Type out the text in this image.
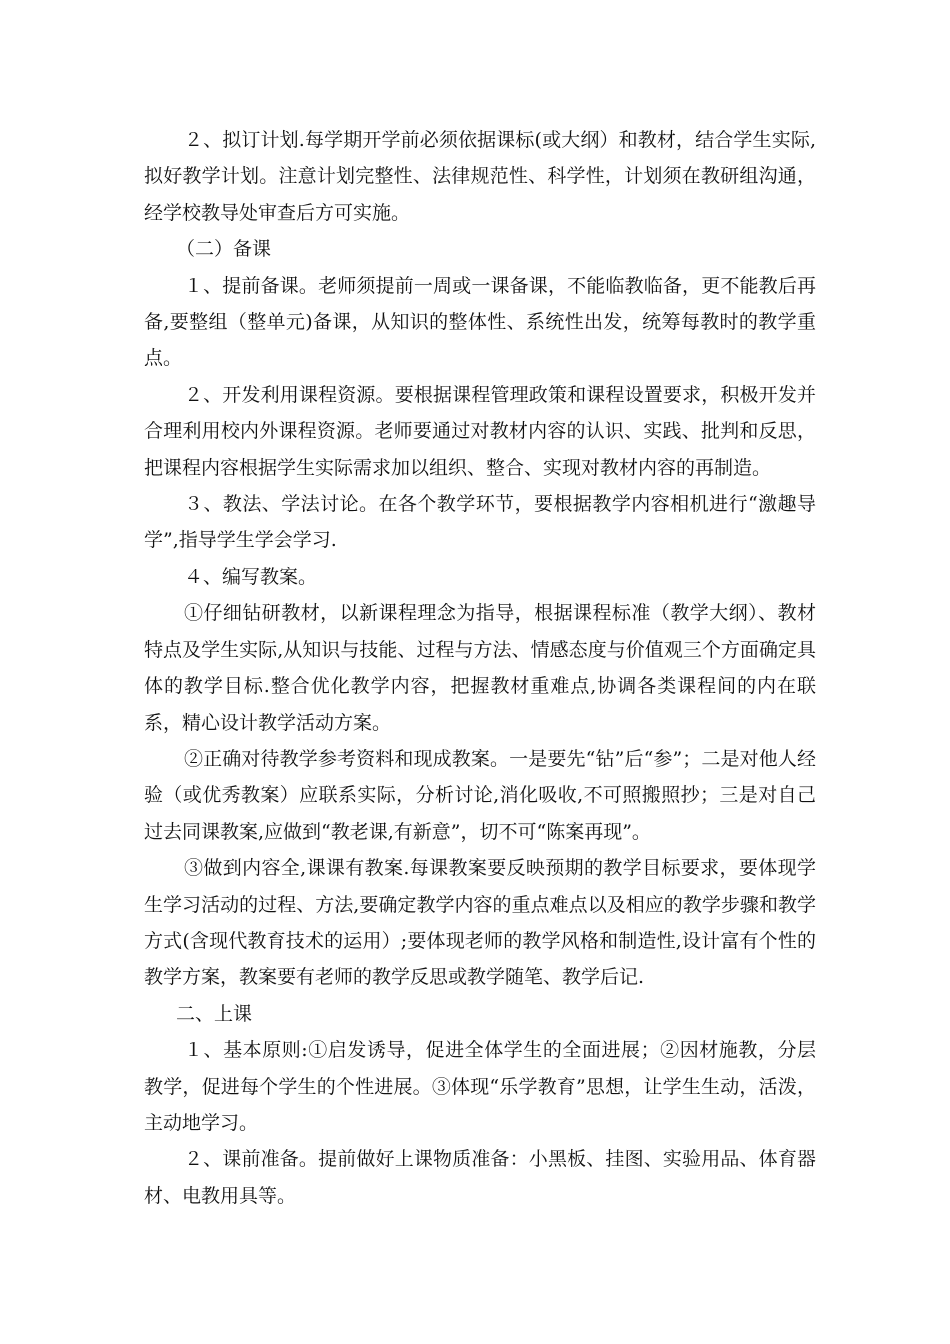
２、拟订计划.每学期开学前必须依据课标(或大纲）和教材，结合学生实际,拟好教学计划。注意计划完整性、法律规范性、科学性，计划须在教研组沟通，经学校教导处审查后方可实施。

（二）备课

１、提前备课。老师须提前一周或一课备课，不能临教临备，更不能教后再备,要整组（整单元)备课，从知识的整体性、系统性出发，统筹每教时的教学重点。

２、开发利用课程资源。要根据课程管理政策和课程设置要求，积极开发并合理利用校内外课程资源。老师要通过对教材内容的认识、实践、批判和反思，把课程内容根据学生实际需求加以组织、整合、实现对教材内容的再制造。

３、教法、学法讨论。在各个教学环节，要根据教学内容相机进行“激趣导学”,指导学生学会学习.

４、编写教案。

①仔细钻研教材，以新课程理念为指导，根据课程标准（教学大纲）、教材特点及学生实际,从知识与技能、过程与方法、情感态度与价值观三个方面确定具体的教学目标.整合优化教学内容，把握教材重难点,协调各类课程间的内在联系，精心设计教学活动方案。

②正确对待教学参考资料和现成教案。一是要先“钻”后“参”；二是对他人经验（或优秀教案）应联系实际，分析讨论,消化吸收,不可照搬照抄；三是对自己过去同课教案,应做到“教老课,有新意”，切不可“陈案再现”。

③做到内容全,课课有教案.每课教案要反映预期的教学目标要求，要体现学生学习活动的过程、方法,要确定教学内容的重点难点以及相应的教学步骤和教学方式(含现代教育技术的运用）;要体现老师的教学风格和制造性,设计富有个性的教学方案，教案要有老师的教学反思或教学随笔、教学后记.

二、上课

１、基本原则:①启发诱导，促进全体学生的全面进展；②因材施教，分层教学，促进每个学生的个性进展。③体现“乐学教育”思想，让学生生动，活泼，主动地学习。

２、课前准备。提前做好上课物质准备：小黑板、挂图、实验用品、体育器材、电教用具等。
